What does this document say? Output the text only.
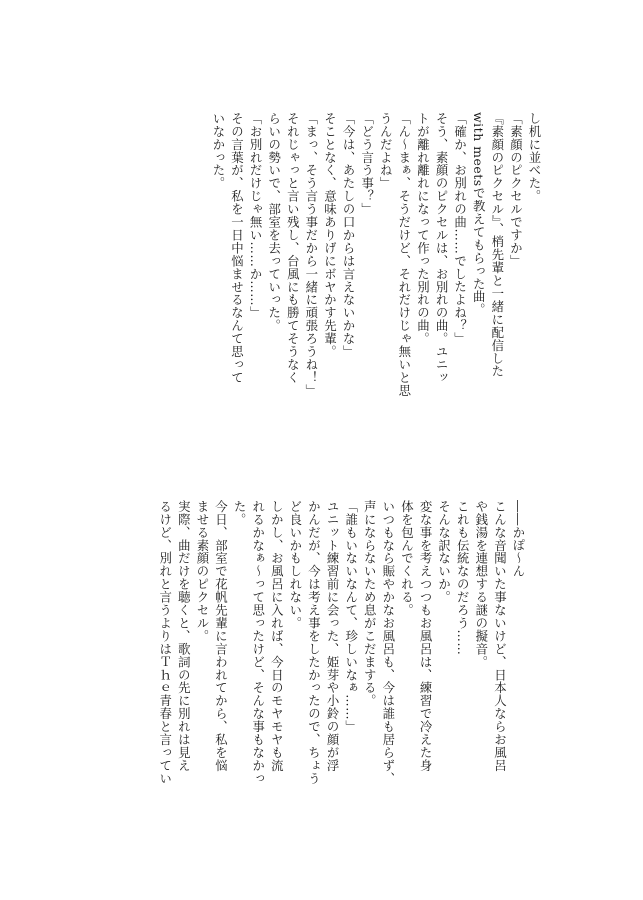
し机に並べた。

「素顔のピクセルですか」

『素顔のピクセル』、梢先輩と一緒に配信した

with meetsで教えてもらった曲。

「確か、お別れの曲……でしたよね？」

そう、素顔のピクセルは、お別れの曲。ユニッ

トが離れ離れになって作った別れの曲。

「ん〜まぁ、そうだけど、それだけじゃ無いと思

うんだよね」

「どう言う事？」

「今は、あたしの口からは言えないかな」

そことなく、意味ありげにボヤかす先輩。

「まっ、そう言う事だから一緒に頑張ろうね！」

それじゃっと言い残し、台風にも勝てそうなく

らいの勢いで、部室を去っていった。

「お別れだけじゃ無い……か……」

その言葉が、私を一日中悩ませるなんて思って

いなかった。

――かぽ〜ん

こんな音聞いた事ないけど、日本人ならお風呂

や銭湯を連想する謎の擬音。

これも伝統なのだろう……

そんな訳ないか。

変な事を考えつつもお風呂は、練習で冷えた身

体を包んでくれる。

いつもなら賑やかなお風呂も、今は誰も居らず、

声にならないため息がこだまする。

「誰もいないなんて、珍しいなぁ……」

ユニット練習前に会った、姫芽や小鈴の顔が浮

かんだが、今は考え事をしたかったので、ちょう

ど良いかもしれない。

しかし、お風呂に入れば、今日のモヤモヤも流

れるかなぁ〜って思ったけど、そんな事もなかっ

た。

今日、部室で花帆先輩に言われてから、私を悩

ませる素顔のピクセル。

実際、曲だけを聴くと、歌詞の先に別れは見え

るけど、別れと言うよりはＴｈｅ青春と言ってい
